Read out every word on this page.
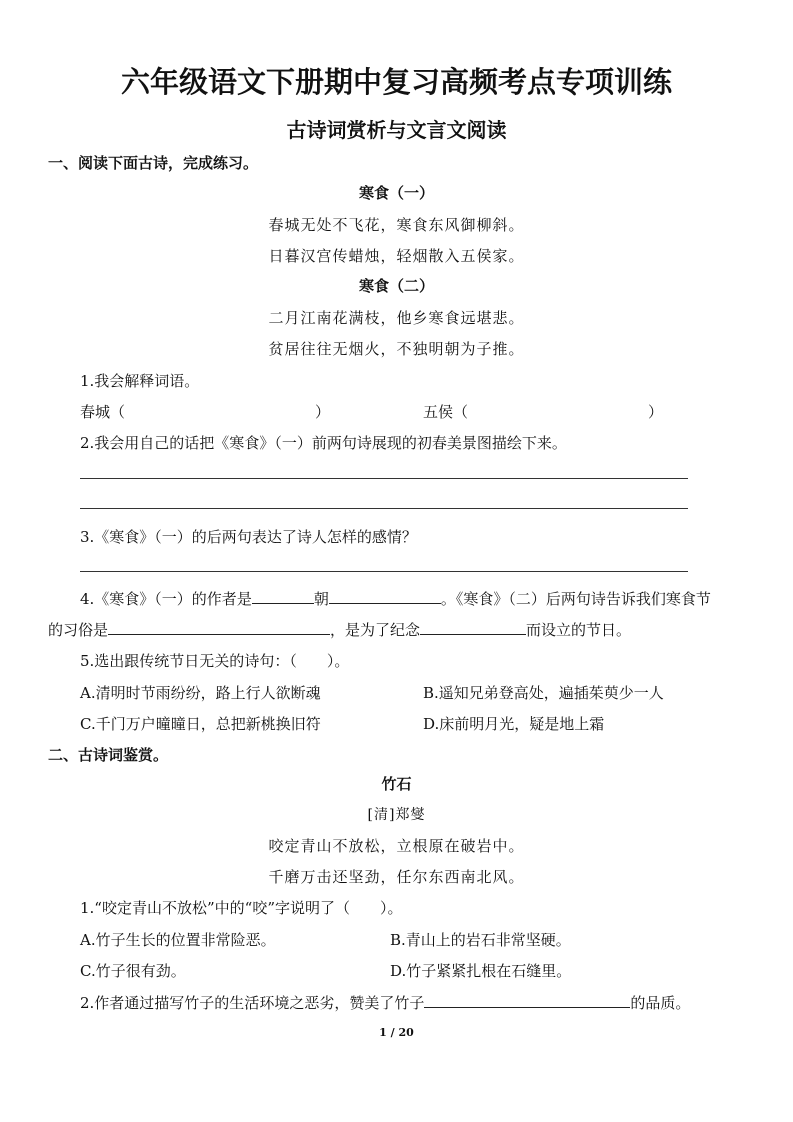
六年级语文下册期中复习高频考点专项训练
古诗词赏析与文言文阅读
一、阅读下面古诗，完成练习。
寒食（一）
春城无处不飞花，寒食东风御柳斜。
日暮汉宫传蜡烛，轻烟散入五侯家。
寒食（二）
二月江南花满枝，他乡寒食远堪悲。
贫居往往无烟火，不独明朝为子推。
1.我会解释词语。
春城（	）	五侯（	）
2.我会用自己的话把《寒食》（一）前两句诗展现的初春美景图描绘下来。
3.《寒食》（一）的后两句表达了诗人怎样的感情？
4.《寒食》（一）的作者是	朝	。《寒食》（二）后两句诗告诉我们寒食节
的习俗是	，是为了纪念	而设立的节日。
5.选出跟传统节日无关的诗句：（　　）。
A.清明时节雨纷纷，路上行人欲断魂	B.遥知兄弟登高处，遍插茱萸少一人
C.千门万户曈曈日，总把新桃换旧符	D.床前明月光，疑是地上霜
二、古诗词鉴赏。
竹石
[清]郑燮
咬定青山不放松，立根原在破岩中。
千磨万击还坚劲，任尔东西南北风。
1.“咬定青山不放松”中的“咬”字说明了（　　）。
A.竹子生长的位置非常险恶。	B.青山上的岩石非常坚硬。
C.竹子很有劲。	D.竹子紧紧扎根在石缝里。
2.作者通过描写竹子的生活环境之恶劣，赞美了竹子	的品质。
1 / 20
